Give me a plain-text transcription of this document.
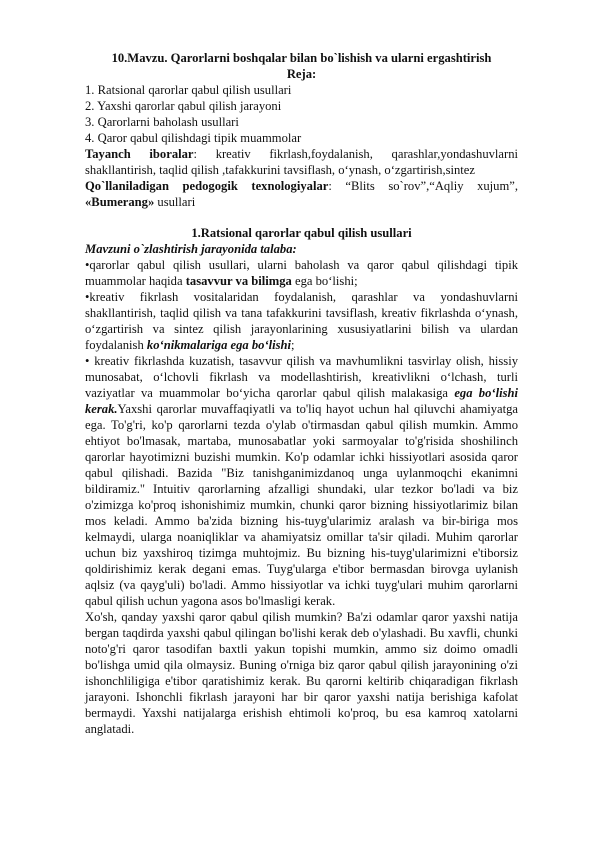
10.Mavzu. Qarorlarni boshqalar bilan bo`lishish va ularni ergashtirish
Reja:
1. Ratsional qarorlar qabul qilish usullari
2. Yaxshi qarorlar qabul qilish jarayoni
3. Qarorlarni baholash usullari
4. Qaror qabul qilishdagi tipik muammolar
Tayanch iboralar: kreativ fikrlash,foydalanish, qarashlar,yondashuvlarni shakllantirish, taqlid qilish ,tafakkurini tavsiflash, o‘ynash, o‘zgartirish,sintez
Qo`llaniladigan pedogogik texnologiyalar: “Blits so`rov”,“Aqliy xujum”, «Bumerang» usullari
1.Ratsional qarorlar qabul qilish usullari
Mavzuni o`zlashtirish jarayonida talaba:
•qarorlar qabul qilish usullari, ularni baholash va qaror qabul qilishdagi tipik muammolar haqida tasavvur va bilimga ega bo‘lishi;
•kreativ fikrlash vositalaridan foydalanish, qarashlar va yondashuvlarni shakllantirish, taqlid qilish va tana tafakkurini tavsiflash, kreativ fikrlashda o‘ynash, o‘zgartirish va sintez qilish jarayonlarining xususiyatlarini bilish va ulardan foydalanish ko‘nikmalariga ega bo‘lishi;
• kreativ fikrlashda kuzatish, tasavvur qilish va mavhumlikni tasvirlay olish, hissiy munosabat, o‘lchovli fikrlash va modellashtirish, kreativlikni o‘lchash, turli vaziyatlar va muammolar bo‘yicha qarorlar qabul qilish malakasiga ega bo‘lishi kerak.Yaxshi qarorlar muvaffaqiyatli va to'liq hayot uchun hal qiluvchi ahamiyatga ega. To'g'ri, ko'p qarorlarni tezda o'ylab o'tirmasdan qabul qilish mumkin. Ammo ehtiyot bo'lmasak, martaba, munosabatlar yoki sarmoyalar to'g'risida shoshilinch qarorlar hayotimizni buzishi mumkin. Ko'p odamlar ichki hissiyotlari asosida qaror qabul qilishadi. Bazida "Biz tanishganimizdanoq unga uylanmoqchi ekanimni bildiramiz." Intuitiv qarorlarning afzalligi shundaki, ular tezkor bo'ladi va biz o'zimizga ko'proq ishonishimiz mumkin, chunki qaror bizning hissiyotlarimiz bilan mos keladi. Ammo ba'zida bizning his-tuyg'ularimiz aralash va bir-biriga mos kelmaydi, ularga noaniqliklar va ahamiyatsiz omillar ta'sir qiladi. Muhim qarorlar uchun biz yaxshiroq tizimga muhtojmiz. Bu bizning his-tuyg'ularimizni e'tiborsiz qoldirishimiz kerak degani emas. Tuyg'ularga e'tibor bermasdan birovga uylanish aqlsiz (va qayg'uli) bo'ladi. Ammo hissiyotlar va ichki tuyg'ulari muhim qarorlarni qabul qilish uchun yagona asos bo'lmasligi kerak.
Xo'sh, qanday yaxshi qaror qabul qilish mumkin? Ba'zi odamlar qaror yaxshi natija bergan taqdirda yaxshi qabul qilingan bo'lishi kerak deb o'ylashadi. Bu xavfli, chunki noto'g'ri qaror tasodifan baxtli yakun topishi mumkin, ammo siz doimo omadli bo'lishga umid qila olmaysiz. Buning o'rniga biz qaror qabul qilish jarayonining o'zi ishonchliligiga e'tibor qaratishimiz kerak. Bu qarorni keltirib chiqaradigan fikrlash jarayoni. Ishonchli fikrlash jarayoni har bir qaror yaxshi natija berishiga kafolat bermaydi. Yaxshi natijalarga erishish ehtimoli ko'proq, bu esa kamroq xatolarni anglatadi.
